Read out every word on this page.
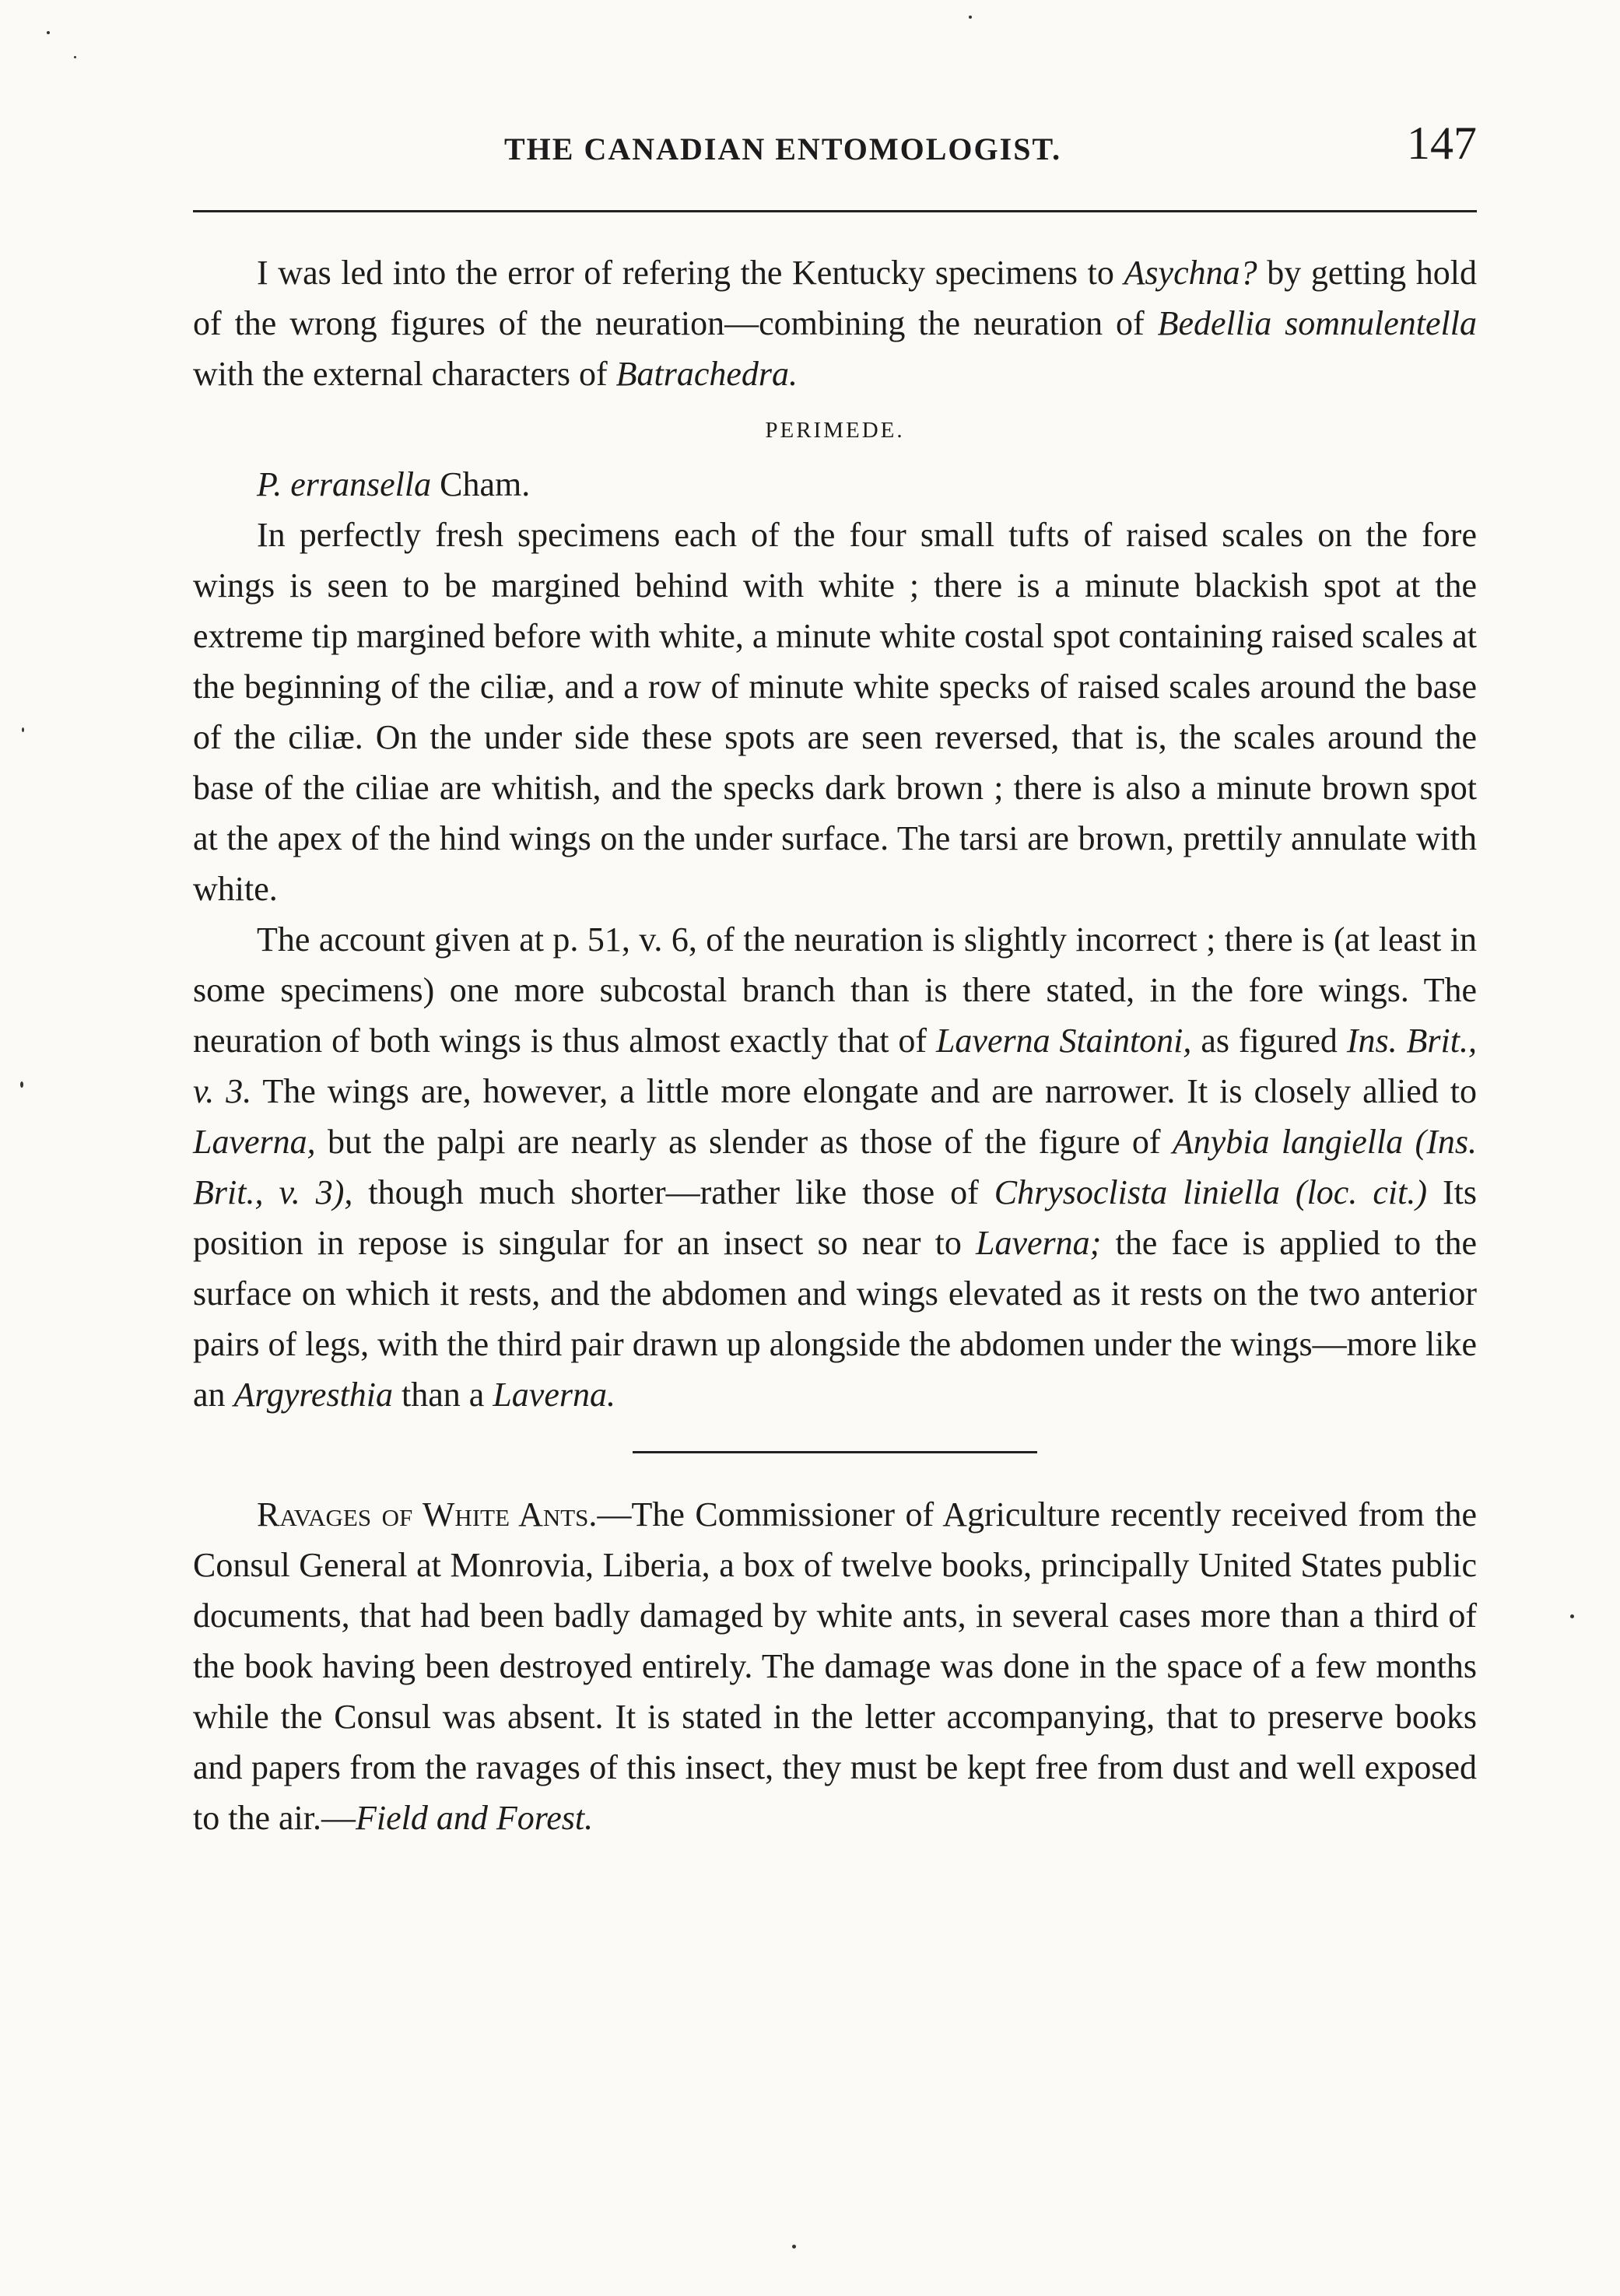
THE CANADIAN ENTOMOLOGIST.	147

I was led into the error of refering the Kentucky specimens to Asychna? by getting hold of the wrong figures of the neuration—combining the neuration of Bedellia somnulentella with the external characters of Batrachedra.

PERIMEDE.

P. erransella Cham.

In perfectly fresh specimens each of the four small tufts of raised scales on the fore wings is seen to be margined behind with white ; there is a minute blackish spot at the extreme tip margined before with white, a minute white costal spot containing raised scales at the beginning of the ciliæ, and a row of minute white specks of raised scales around the base of the ciliæ. On the under side these spots are seen reversed, that is, the scales around the base of the ciliae are whitish, and the specks dark brown ; there is also a minute brown spot at the apex of the hind wings on the under surface. The tarsi are brown, prettily annulate with white.

The account given at p. 51, v. 6, of the neuration is slightly incorrect ; there is (at least in some specimens) one more subcostal branch than is there stated, in the fore wings. The neuration of both wings is thus almost exactly that of Laverna Staintoni, as figured Ins. Brit., v. 3. The wings are, however, a little more elongate and are narrower. It is closely allied to Laverna, but the palpi are nearly as slender as those of the figure of Anybia langiella (Ins. Brit., v. 3), though much shorter—rather like those of Chrysoclista liniella (loc. cit.) Its position in repose is singular for an insect so near to Laverna; the face is applied to the surface on which it rests, and the abdomen and wings elevated as it rests on the two anterior pairs of legs, with the third pair drawn up alongside the abdomen under the wings—more like an Argyresthia than a Laverna.

Ravages of White Ants.—The Commissioner of Agriculture recently received from the Consul General at Monrovia, Liberia, a box of twelve books, principally United States public documents, that had been badly damaged by white ants, in several cases more than a third of the book having been destroyed entirely. The damage was done in the space of a few months while the Consul was absent. It is stated in the letter accompanying, that to preserve books and papers from the ravages of this insect, they must be kept free from dust and well exposed to the air.—Field and Forest.
